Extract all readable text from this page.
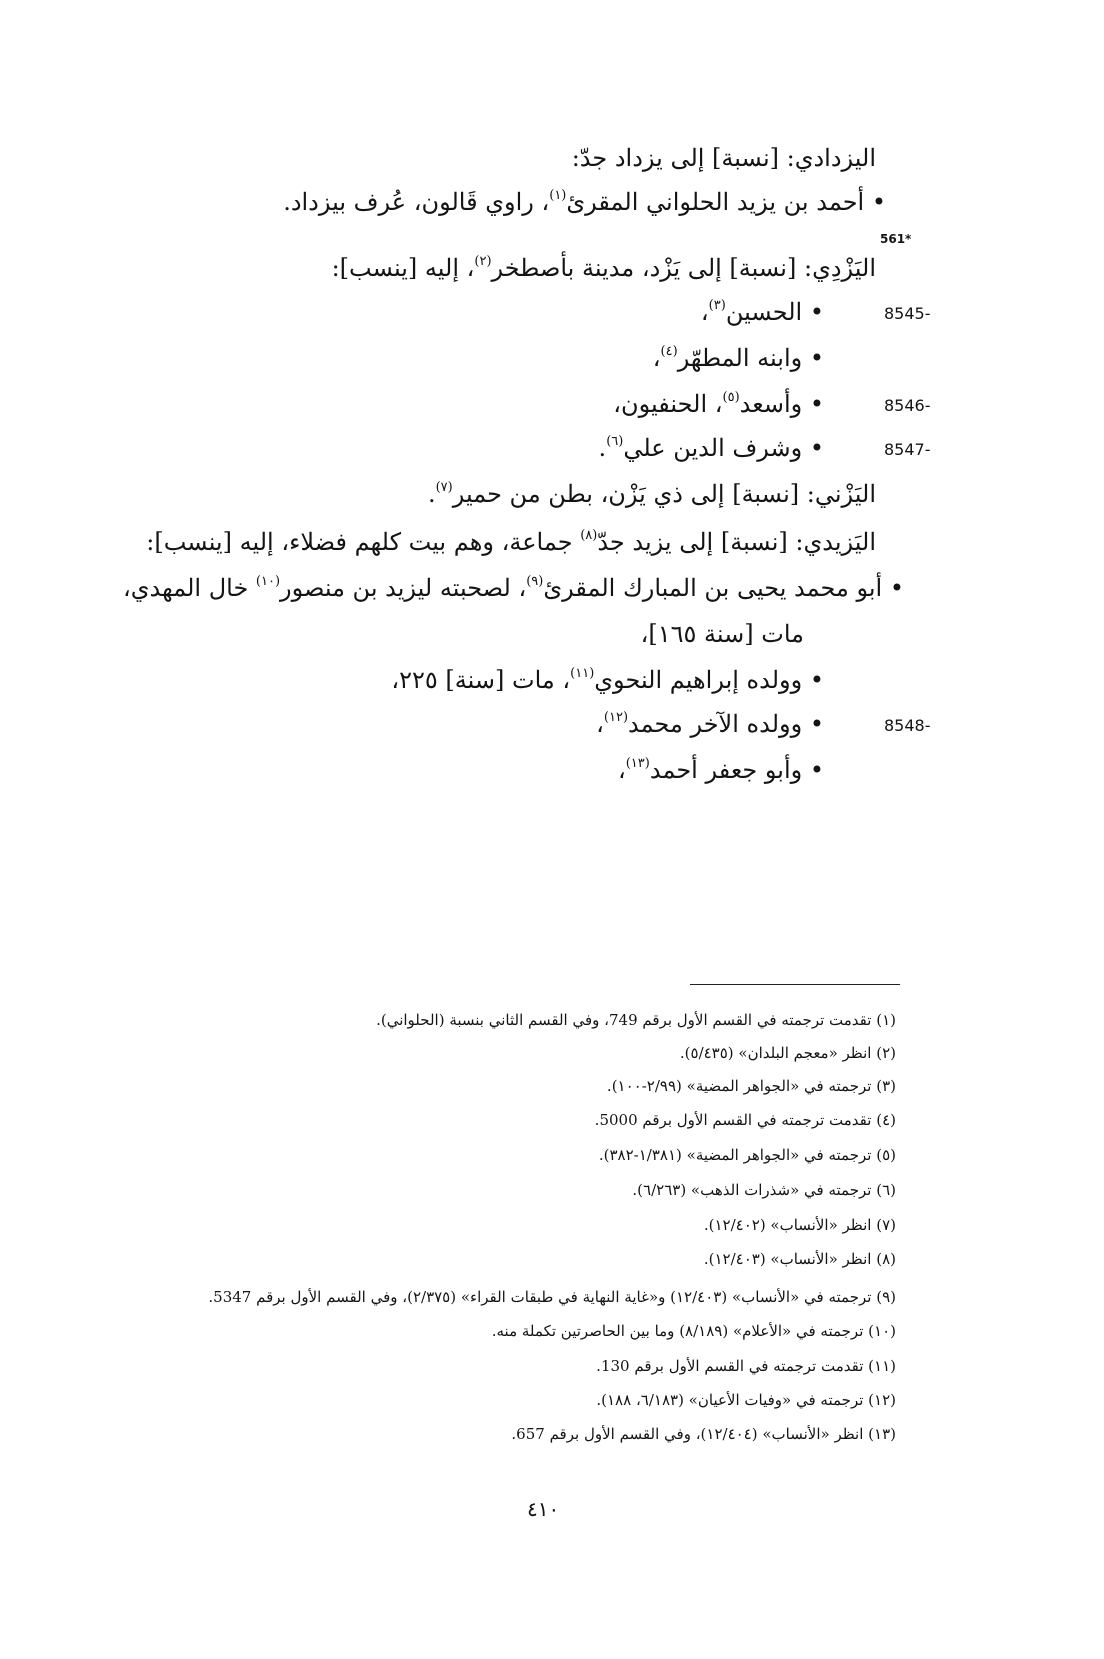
اليزدادي: [نسبة] إلى يزداد جدّ:
• أحمد بن يزيد الحلواني المقرئ$^{(١)}$، راوي قَالون، عُرف بيزداد.
561*
اليَزْدِي: [نسبة] إلى يَزْد، مدينة بأصطخر$^{(٢)}$، إليه [ينسب]:
8545-
• الحسين$^{(٣)}$،
• وابنه المطهّر$^{(٤)}$،
8546-
• وأسعد$^{(٥)}$، الحنفيون،
8547-
• وشرف الدين علي$^{(٦)}$.
اليَزْني: [نسبة] إلى ذي يَزْن، بطن من حمير$^{(٧)}$.
اليَزيدي: [نسبة] إلى يزيد جدّ$^{(٨)}$ جماعة، وهم بيت كلهم فضلاء، إليه [ينسب]:
• أبو محمد يحيى بن المبارك المقرئ$^{(٩)}$، لصحبته ليزيد بن منصور$^{(١٠)}$ خال المهدي،
مات [سنة ١٦٥]،
• وولده إبراهيم النحوي$^{(١١)}$، مات [سنة] ٢٢٥،
8548-
• وولده الآخر محمد$^{(١٢)}$،
• وأبو جعفر أحمد$^{(١٣)}$،
(١) تقدمت ترجمته في القسم الأول برقم 749، وفي القسم الثاني بنسبة (الحلواني).
(٢) انظر «معجم البلدان» (٥/٤٣٥).
(٣) ترجمته في «الجواهر المضية» (٢/٩٩-١٠٠).
(٤) تقدمت ترجمته في القسم الأول برقم 5000.
(٥) ترجمته في «الجواهر المضية» (١/٣٨١-٣٨٢).
(٦) ترجمته في «شذرات الذهب» (٦/٢٦٣).
(٧) انظر «الأنساب» (١٢/٤٠٢).
(٨) انظر «الأنساب» (١٢/٤٠٣).
(٩) ترجمته في «الأنساب» (١٢/٤٠٣) و«غاية النهاية في طبقات القراء» (٢/٣٧٥)، وفي القسم الأول برقم 5347.
(١٠) ترجمته في «الأعلام» (٨/١٨٩) وما بين الحاصرتين تكملة منه.
(١١) تقدمت ترجمته في القسم الأول برقم 130.
(١٢) ترجمته في «وفيات الأعيان» (٦/١٨٣، ١٨٨).
(١٣) انظر «الأنساب» (١٢/٤٠٤)، وفي القسم الأول برقم 657.
٤١٠
